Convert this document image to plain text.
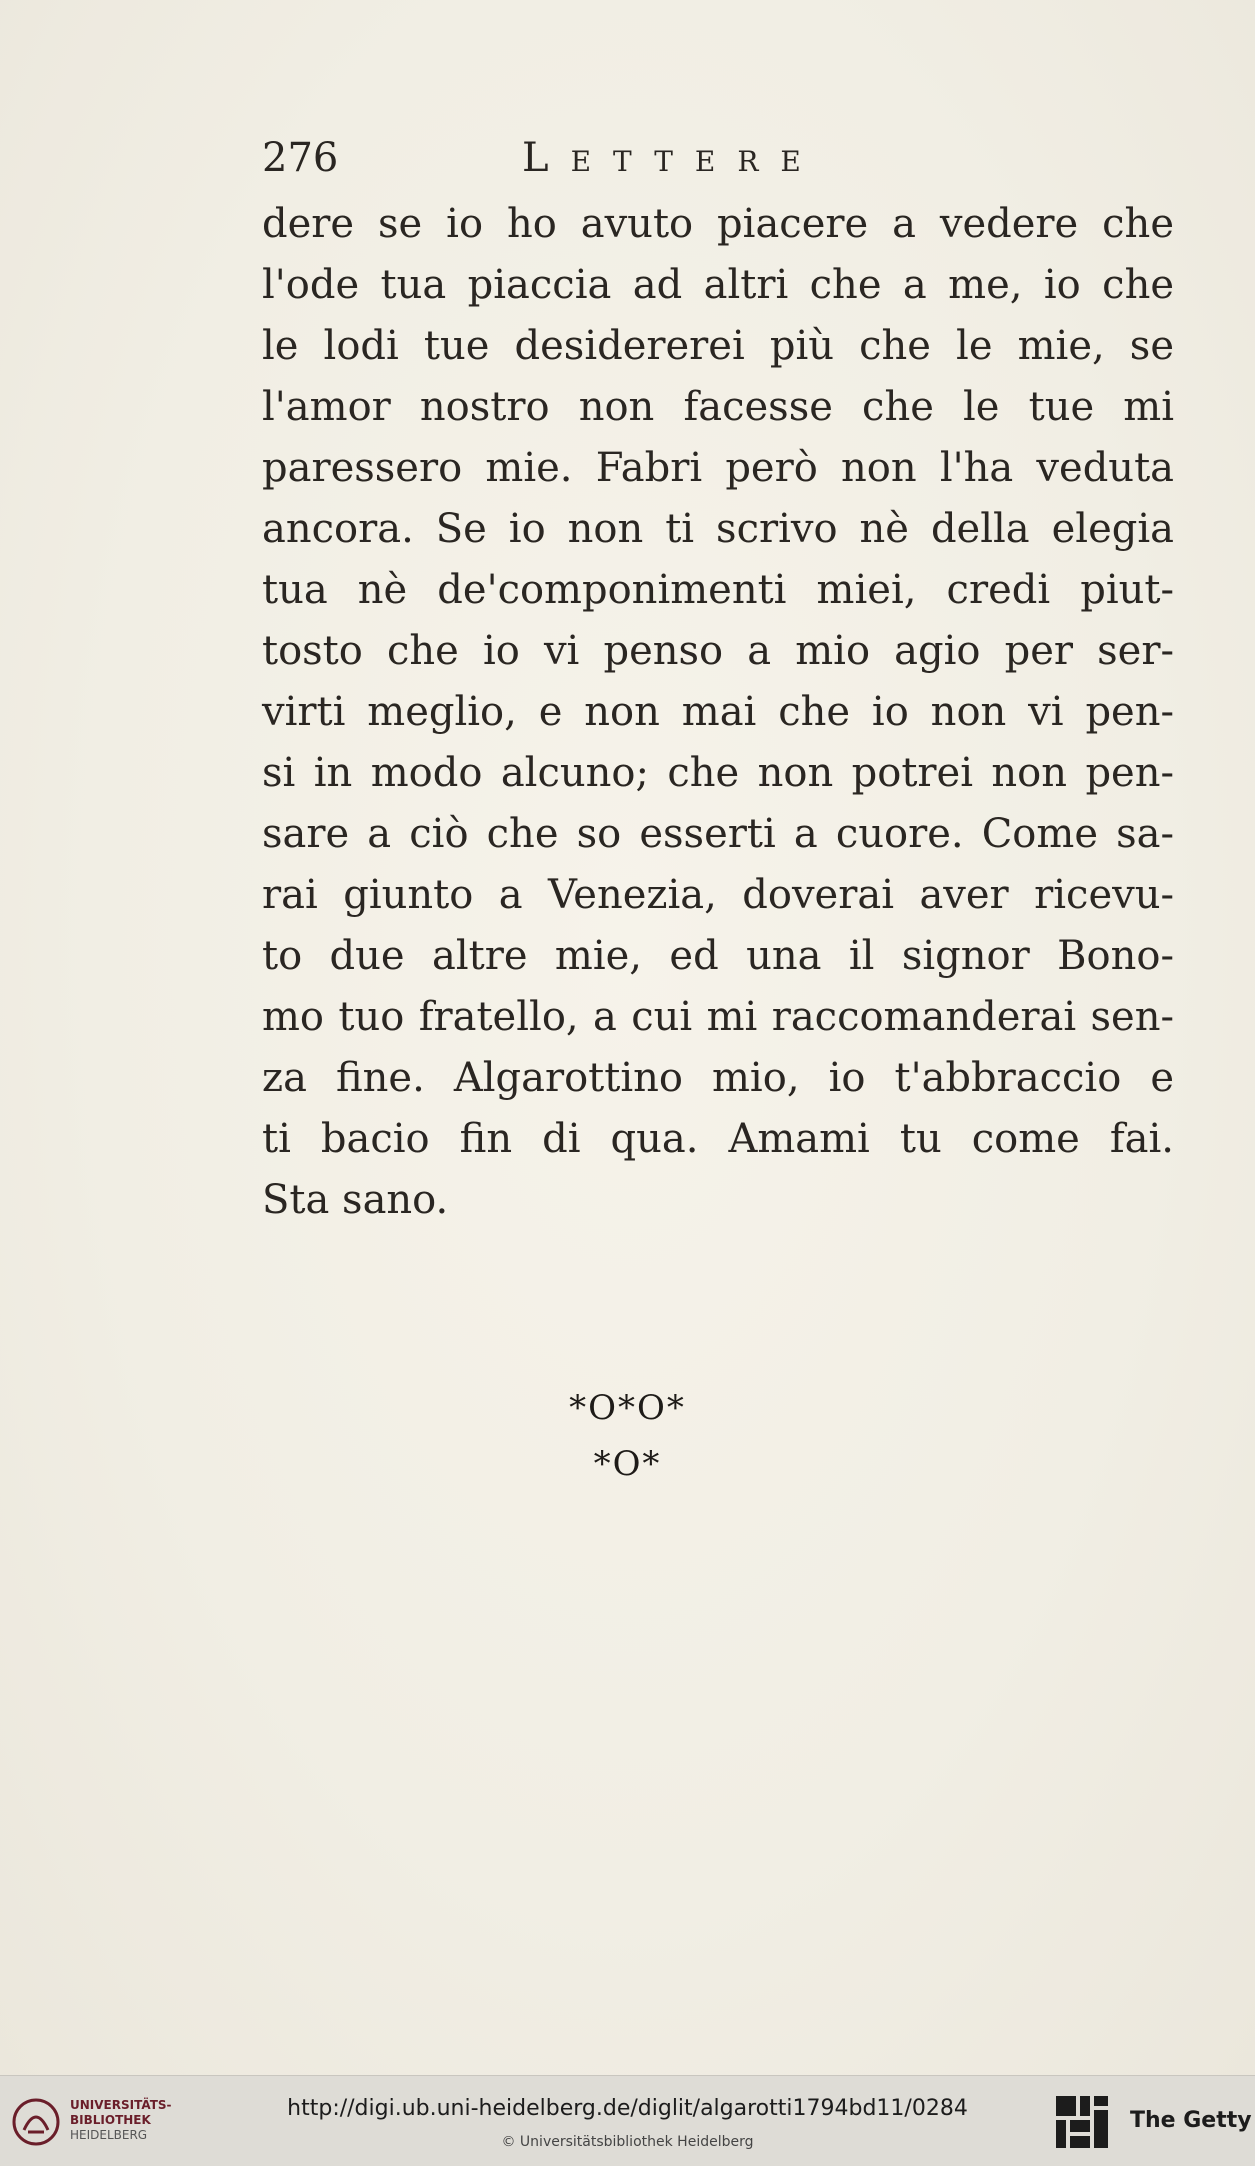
276	Lettere
dere se io ho avuto piacere a vedere che
l'ode tua piaccia ad altri che a me, io che
le lodi tue desidererei più che le mie, se
l'amor nostro non facesse che le tue mi
paressero mie. Fabri però non l'ha veduta
ancora. Se io non ti scrivo nè della elegia
tua nè de'componimenti miei, credi piut-
tosto che io vi penso a mio agio per ser-
virti meglio, e non mai che io non vi pen-
si in modo alcuno; che non potrei non pen-
sare a ciò che so esserti a cuore. Come sa-
rai giunto a Venezia, doverai aver ricevu-
to due altre mie, ed una il signor Bono-
mo tuo fratello, a cui mi raccomanderai sen-
za fine. Algarottino mio, io t'abbraccio e
ti bacio fin di qua. Amami tu come fai.
Sta sano.
*O*O*
*O*
UNIVERSITÄTS-
BIBLIOTHEK
HEIDELBERG
http://digi.ub.uni-heidelberg.de/diglit/algarotti1794bd11/0284
© Universitätsbibliothek Heidelberg
The Getty
